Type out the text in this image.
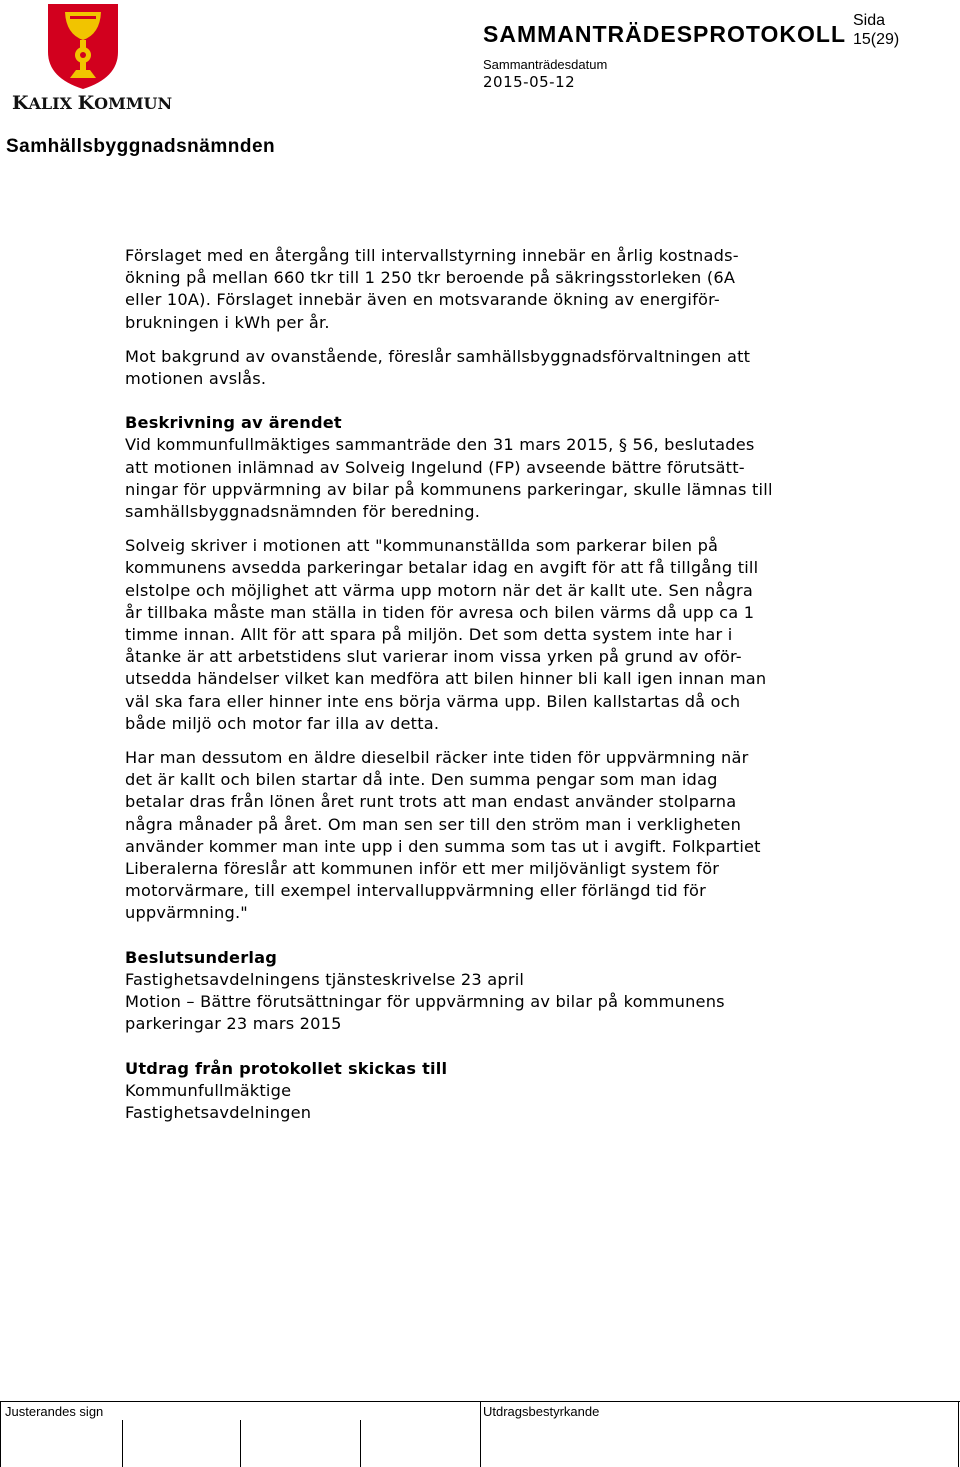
KALIX KOMMUN
SAMMANTRÄDESPROTOKOLL
Sida
15(29)
Sammanträdesdatum
2015-05-12
Samhällsbyggnadsnämnden

Förslaget med en återgång till intervallstyrning innebär en årlig kostnads-

ökning på mellan 660 tkr till 1 250 tkr beroende på säkringsstorleken (6A

eller 10A). Förslaget innebär även en motsvarande ökning av energiför-

brukningen i kWh per år.

Mot bakgrund av ovanstående, föreslår samhällsbyggnadsförvaltningen att

motionen avslås.

Beskrivning av ärendet

Vid kommunfullmäktiges sammanträde den 31 mars 2015, § 56, beslutades

att motionen inlämnad av Solveig Ingelund (FP) avseende bättre förutsätt-

ningar för uppvärmning av bilar på kommunens parkeringar, skulle lämnas till

samhällsbyggnadsnämnden för beredning.

Solveig skriver i motionen att "kommunanställda som parkerar bilen på

kommunens avsedda parkeringar betalar idag en avgift för att få tillgång till

elstolpe och möjlighet att värma upp motorn när det är kallt ute. Sen några

år tillbaka måste man ställa in tiden för avresa och bilen värms då upp ca 1

timme innan. Allt för att spara på miljön. Det som detta system inte har i

åtanke är att arbetstidens slut varierar inom vissa yrken på grund av oför-

utsedda händelser vilket kan medföra att bilen hinner bli kall igen innan man

väl ska fara eller hinner inte ens börja värma upp. Bilen kallstartas då och

både miljö och motor far illa av detta.

Har man dessutom en äldre dieselbil räcker inte tiden för uppvärmning när

det är kallt och bilen startar då inte. Den summa pengar som man idag

betalar dras från lönen året runt trots att man endast använder stolparna

några månader på året. Om man sen ser till den ström man i verkligheten

använder kommer man inte upp i den summa som tas ut i avgift. Folkpartiet

Liberalerna föreslår att kommunen inför ett mer miljövänligt system för

motorvärmare, till exempel intervalluppvärmning eller förlängd tid för

uppvärmning."

Beslutsunderlag

Fastighetsavdelningens tjänsteskrivelse 23 april

Motion – Bättre förutsättningar för uppvärmning av bilar på kommunens

parkeringar 23 mars 2015

Utdrag från protokollet skickas till

Kommunfullmäktige

Fastighetsavdelningen

Justerandes sign	Utdragsbestyrkande
